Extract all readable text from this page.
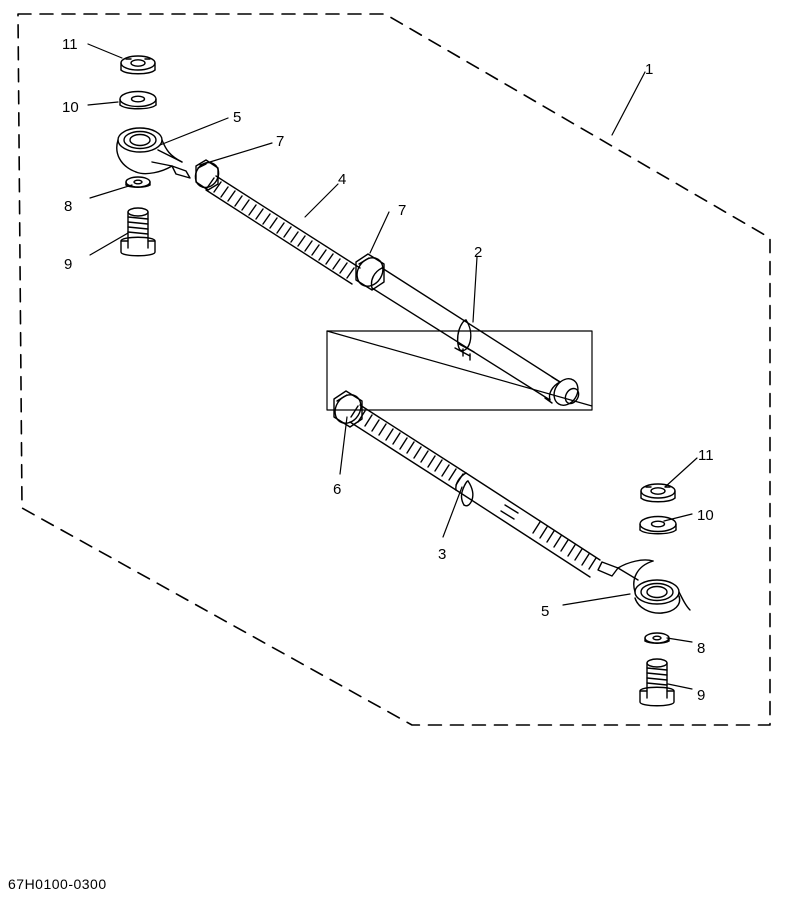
11
10
5
7
8
9
1
4
7
2
6
3
11
10
5
8
9
67H0100-0300
